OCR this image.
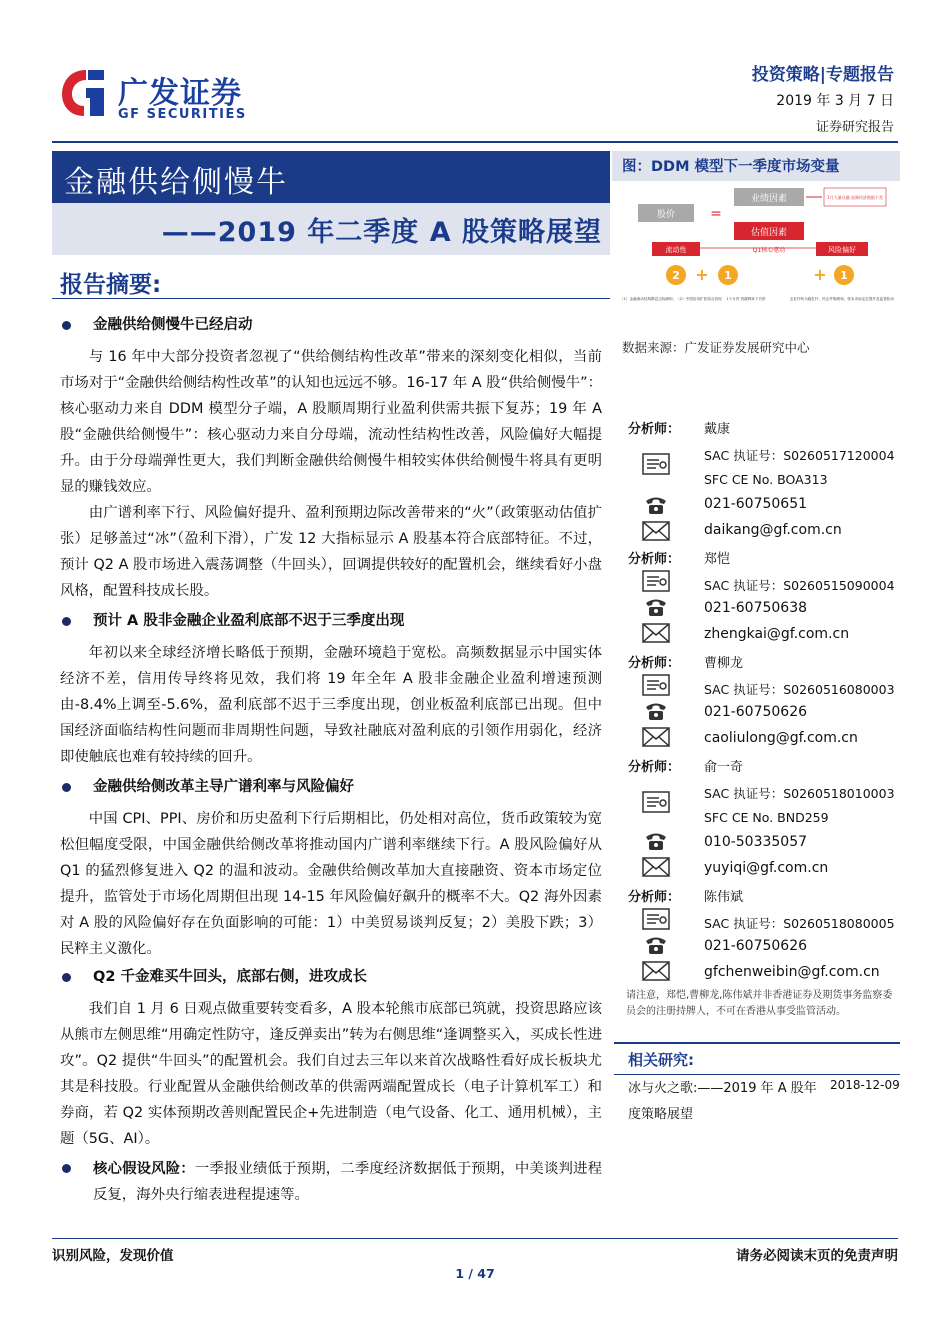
广发证券
GF SECURITIES
投资策略|专题报告
2019 年 3 月 7 日
证券研究报告
金融供给侧慢牛
——2019 年二季度 A 股策略展望
报告摘要:
金融供给侧慢牛已经启动
与 16 年中大部分投资者忽视了“供给侧结构性改革”带来的深刻变化相似，当前市场对于“金融供给侧结构性改革”的认知也远远不够。16-17 年 A 股“供给侧慢牛”：核心驱动力来自 DDM 模型分子端，A 股顺周期行业盈利供需共振下复苏；19 年 A 股“金融供给侧慢牛”：核心驱动力来自分母端，流动性结构性改善，风险偏好大幅提升。由于分母端弹性更大，我们判断金融供给侧慢牛相较实体供给侧慢牛将具有更明显的赚钱效应。
由广谱利率下行、风险偏好提升、盈利预期边际改善带来的“火”（政策驱动估值扩张）足够盖过“冰”（盈利下滑），广发 12 大指标显示 A 股基本符合底部特征。不过，预计 Q2 A 股市场进入震荡调整（牛回头），回调提供较好的配置机会，继续看好小盘风格，配置科技成长股。
预计 A 股非金融企业盈利底部不迟于三季度出现
年初以来全球经济增长略低于预期，金融环境趋于宽松。高频数据显示中国实体经济不差，信用传导终将见效，我们将 19 年全年 A 股非金融企业盈利增速预测由-8.4%上调至-5.6%，盈利底部不迟于三季度出现，创业板盈利底部已出现。但中国经济面临结构性问题而非周期性问题，导致社融底对盈利底的引领作用弱化，经济即使触底也难有较持续的回升。
金融供给侧改革主导广谱利率与风险偏好
中国 CPI、PPI、房价和历史盈利下行后期相比，仍处相对高位，货币政策较为宽松但幅度受限，中国金融供给侧改革将推动国内广谱利率继续下行。A 股风险偏好从 Q1 的猛烈修复进入 Q2 的温和波动。金融供给侧改革加大直接融资、资本市场定位提升，监管处于市场化周期但出现 14-15 年风险偏好飙升的概率不大。Q2 海外因素对 A 股的风险偏好存在负面影响的可能：1）中美贸易谈判反复；2）美股下跌；3）民粹主义激化。
Q2 千金难买牛回头，底部右侧，进攻成长
我们自 1 月 6 日观点做重要转变看多，A 股本轮熊市底部已筑就，投资思路应该从熊市左侧思维“用确定性防守，逢反弹卖出”转为右侧思维“逢调整买入，买成长性进攻”。Q2 提供“牛回头”的配置机会。我们自过去三年以来首次战略性看好成长板块尤其是科技股。行业配置从金融供给侧改革的供需两端配置成长（电子计算机军工）和券商，若 Q2 实体预期改善则配置民企+先进制造（电气设备、化工、通用机械），主题（5G、AI）。
核心假设风险：一季报业绩低于预期，二季度经济数据低于预期，中美谈判进程反复，海外央行缩表进程提速等。
图：DDM 模型下一季度市场变量
股价	=
业绩因素	1月大量社融 高频经济数据不差
估值因素
Q1核心驱动
流动性	风险偏好
2 + 1	+ 1
（1）金融流动结构降息边际缓和；（2）中国信用扩张拐点初现 1个月内 短端利率下台阶	去杠杆转为稳杠杆、民企并购缓和，资本市场定位提升及监管松动
数据来源：广发证券发展研究中心
分析师： 戴康
SAC 执证号：S0260517120004
SFC CE No. BOA313
021-60750651
daikang@gf.com.cn
分析师： 郑恺
SAC 执证号：S0260515090004
021-60750638
zhengkai@gf.com.cn
分析师： 曹柳龙
SAC 执证号：S0260516080003
021-60750626
caoliulong@gf.com.cn
分析师： 俞一奇
SAC 执证号：S0260518010003
SFC CE No. BND259
010-50335057
yuyiqi@gf.com.cn
分析师： 陈伟斌
SAC 执证号：S0260518080005
021-60750626
gfchenweibin@gf.com.cn
请注意，郑恺,曹柳龙,陈伟斌并非香港证券及期货事务监察委员会的注册持牌人，不可在香港从事受监管活动。
相关研究:
冰与火之歌:——2019 年 A 股年度策略展望
2018-12-09
识别风险，发现价值	请务必阅读末页的免责声明
1 / 47
